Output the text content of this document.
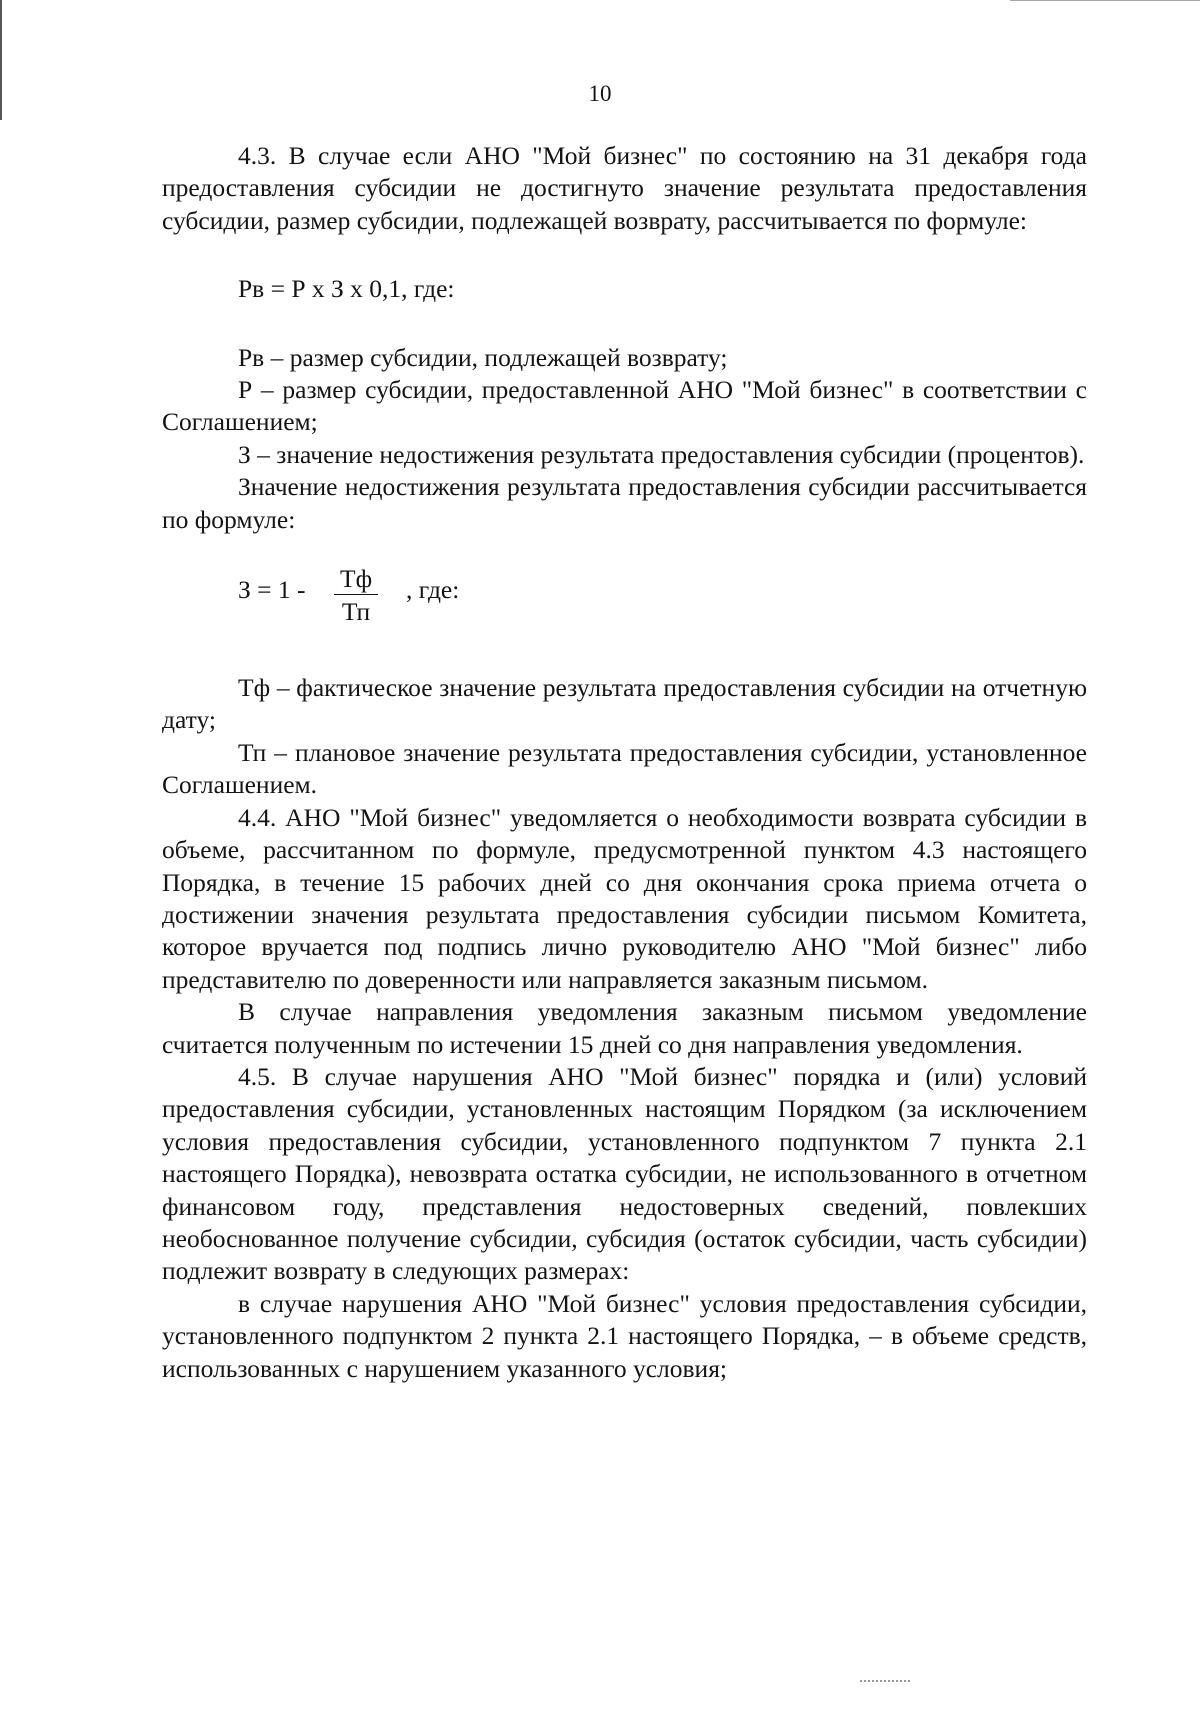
10

4.3. В случае если АНО "Мой бизнес" по состоянию на 31 декабря года предоставления субсидии не достигнуто значение результата предоставления субсидии, размер субсидии, подлежащей возврату, рассчитывается по формуле:

Рв = Р х З х 0,1, где:

Рв – размер субсидии, подлежащей возврату;

Р – размер субсидии, предоставленной АНО "Мой бизнес" в соответствии с Соглашением;

З – значение недостижения результата предоставления субсидии (процентов).

Значение недостижения результата предоставления субсидии рассчитывается по формуле:

З = 1 - Тф
Тп
, где:

Тф – фактическое значение результата предоставления субсидии на отчетную дату;

Тп – плановое значение результата предоставления субсидии, установленное Соглашением.

4.4. АНО "Мой бизнес" уведомляется о необходимости возврата субсидии в объеме, рассчитанном по формуле, предусмотренной пунктом 4.3 настоящего Порядка, в течение 15 рабочих дней со дня окончания срока приема отчета о достижении значения результата предоставления субсидии письмом Комитета, которое вручается под подпись лично руководителю АНО "Мой бизнес" либо представителю по доверенности или направляется заказным письмом.

В случае направления уведомления заказным письмом уведомление считается полученным по истечении 15 дней со дня направления уведомления.

4.5. В случае нарушения АНО "Мой бизнес" порядка и (или) условий предоставления субсидии, установленных настоящим Порядком (за исключением условия предоставления субсидии, установленного подпунктом 7 пункта 2.1 настоящего Порядка), невозврата остатка субсидии, не использованного в отчетном финансовом году, представления недостоверных сведений, повлекших необоснованное получение субсидии, субсидия (остаток субсидии, часть субсидии) подлежит возврату в следующих размерах:

в случае нарушения АНО "Мой бизнес" условия предоставления субсидии, установленного подпунктом 2 пункта 2.1 настоящего Порядка, – в объеме средств, использованных с нарушением указанного условия;
